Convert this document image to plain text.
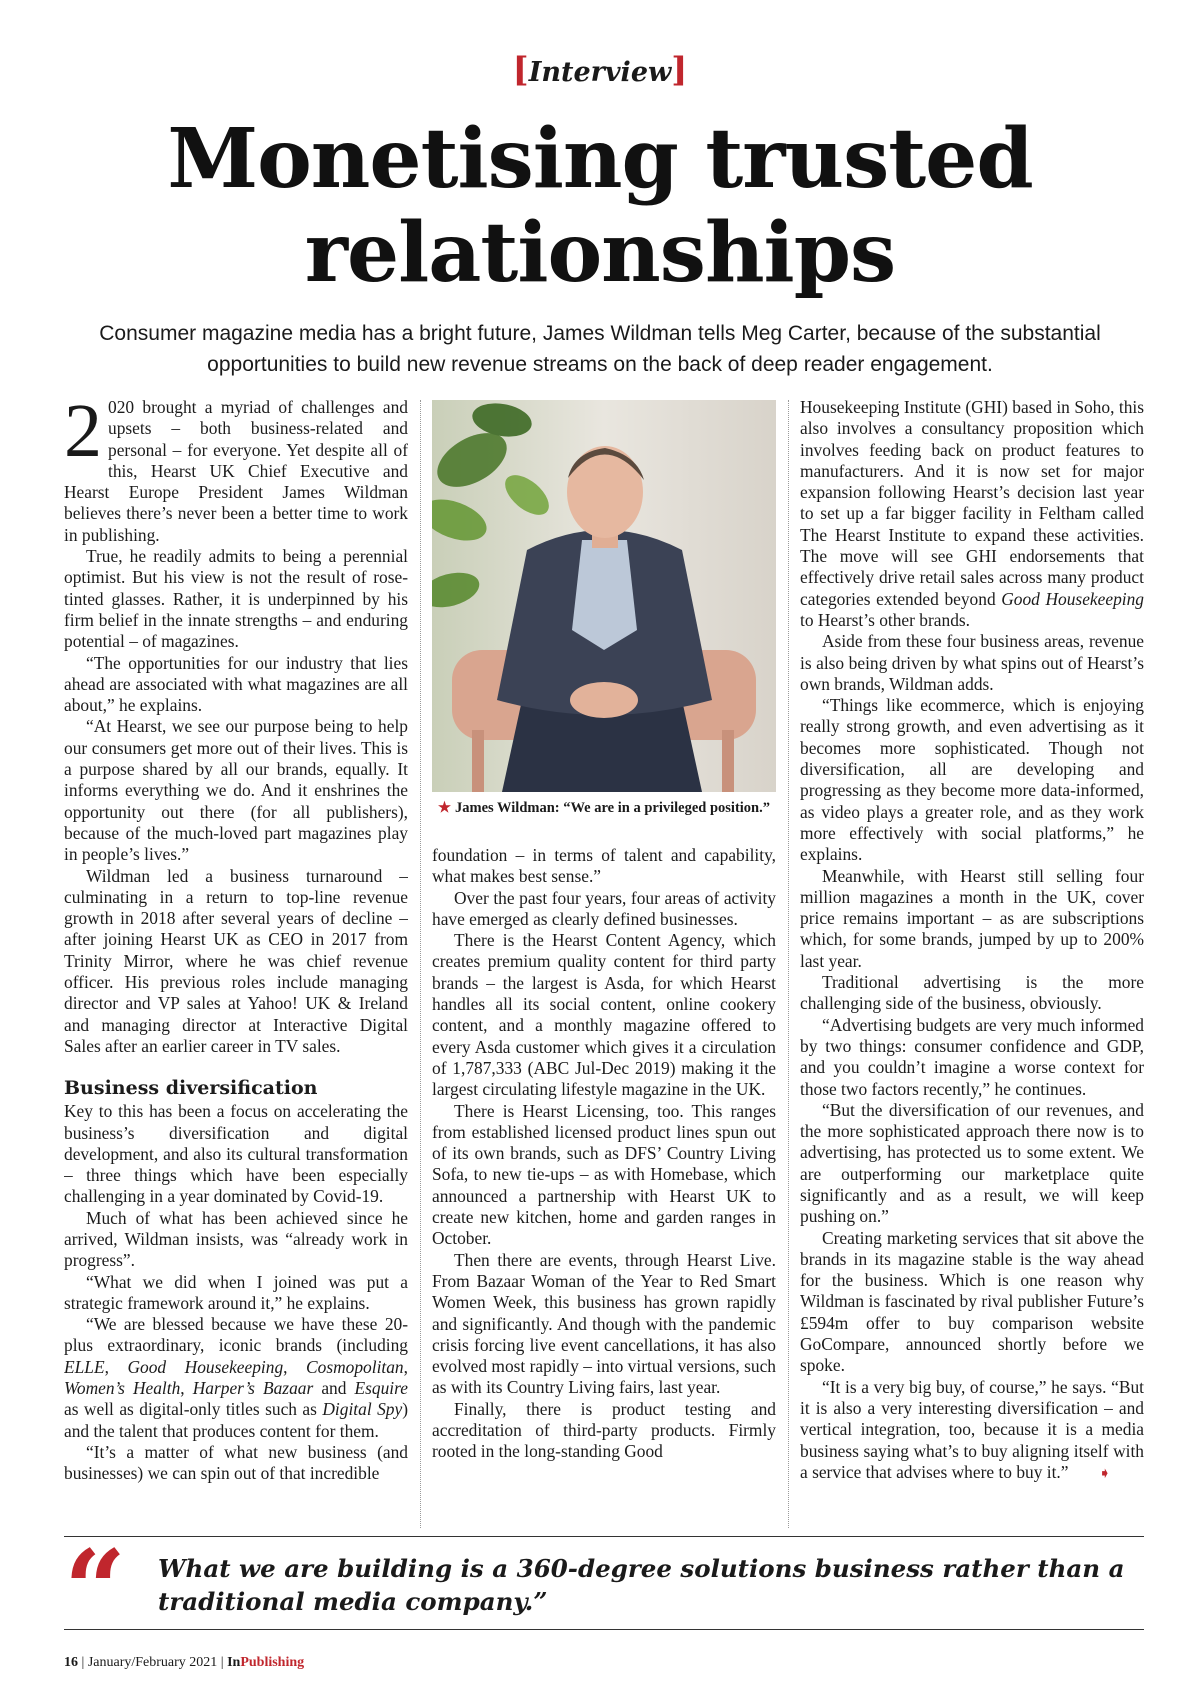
[Interview]
Monetising trusted
relationships
Consumer magazine media has a bright future, James Wildman tells Meg Carter, because of the substantial opportunities to build new revenue streams on the back of deep reader engagement.

2 020 brought a myriad of challenges and upsets – both business-related and personal – for everyone. Yet despite all of this, Hearst UK Chief Executive and Hearst Europe President James Wildman believes there’s never been a better time to work in publishing.

True, he readily admits to being a perennial optimist. But his view is not the result of rose-tinted glasses. Rather, it is underpinned by his firm belief in the innate strengths – and enduring potential – of magazines.

“The opportunities for our industry that lies ahead are associated with what magazines are all about,” he explains.

“At Hearst, we see our purpose being to help our consumers get more out of their lives. This is a purpose shared by all our brands, equally. It informs everything we do. And it enshrines the opportunity out there (for all publishers), because of the much-loved part magazines play in people’s lives.”

Wildman led a business turnaround – culminating in a return to top-line revenue growth in 2018 after several years of decline – after joining Hearst UK as CEO in 2017 from Trinity Mirror, where he was chief revenue officer. His previous roles include managing director and VP sales at Yahoo! UK & Ireland and managing director at Interactive Digital Sales after an earlier career in TV sales.

Business diversification

Key to this has been a focus on accelerating the business’s diversification and digital development, and also its cultural transformation – three things which have been especially challenging in a year dominated by Covid-19.

Much of what has been achieved since he arrived, Wildman insists, was “already work in progress”.

“What we did when I joined was put a strategic framework around it,” he explains.

“We are blessed because we have these 20-plus extraordinary, iconic brands (including ELLE, Good Housekeeping, Cosmopolitan, Women’s Health, Harper’s Bazaar and Esquire as well as digital-only titles such as Digital Spy) and the talent that produces content for them.

“It’s a matter of what new business (and businesses) we can spin out of that incredible

★ James Wildman: “We are in a privileged position.”

foundation – in terms of talent and capability, what makes best sense.”

Over the past four years, four areas of activity have emerged as clearly defined businesses.

There is the Hearst Content Agency, which creates premium quality content for third party brands – the largest is Asda, for which Hearst handles all its social content, online cookery content, and a monthly magazine offered to every Asda customer which gives it a circulation of 1,787,333 (ABC Jul-Dec 2019) making it the largest circulating lifestyle magazine in the UK.

There is Hearst Licensing, too. This ranges from established licensed product lines spun out of its own brands, such as DFS’ Country Living Sofa, to new tie-ups – as with Homebase, which announced a partnership with Hearst UK to create new kitchen, home and garden ranges in October.

Then there are events, through Hearst Live. From Bazaar Woman of the Year to Red Smart Women Week, this business has grown rapidly and significantly. And though with the pandemic crisis forcing live event cancellations, it has also evolved most rapidly – into virtual versions, such as with its Country Living fairs, last year.

Finally, there is product testing and accreditation of third-party products. Firmly rooted in the long-standing Good

Housekeeping Institute (GHI) based in Soho, this also involves a consultancy proposition which involves feeding back on product features to manufacturers. And it is now set for major expansion following Hearst’s decision last year to set up a far bigger facility in Feltham called The Hearst Institute to expand these activities. The move will see GHI endorsements that effectively drive retail sales across many product categories extended beyond Good Housekeeping to Hearst’s other brands.

Aside from these four business areas, revenue is also being driven by what spins out of Hearst’s own brands, Wildman adds.

“Things like ecommerce, which is enjoying really strong growth, and even advertising as it becomes more sophisticated. Though not diversification, all are developing and progressing as they become more data-informed, as video plays a greater role, and as they work more effectively with social platforms,” he explains.

Meanwhile, with Hearst still selling four million magazines a month in the UK, cover price remains important – as are subscriptions which, for some brands, jumped by up to 200% last year.

Traditional advertising is the more challenging side of the business, obviously.

“Advertising budgets are very much informed by two things: consumer confidence and GDP, and you couldn’t imagine a worse context for those two factors recently,” he continues.

“But the diversification of our revenues, and the more sophisticated approach there now is to advertising, has protected us to some extent. We are outperforming our marketplace quite significantly and as a result, we will keep pushing on.”

Creating marketing services that sit above the brands in its magazine stable is the way ahead for the business. Which is one reason why Wildman is fascinated by rival publisher Future’s £594m offer to buy comparison website GoCompare, announced shortly before we spoke.

“It is a very big buy, of course,” he says. “But it is also a very interesting diversification – and vertical integration, too, because it is a media business saying what’s to buy aligning itself with a service that advises where to buy it.” ➧

“ What we are building is a 360-degree solutions business rather than a traditional media company.”
16 | January/February 2021 | InPublishing
